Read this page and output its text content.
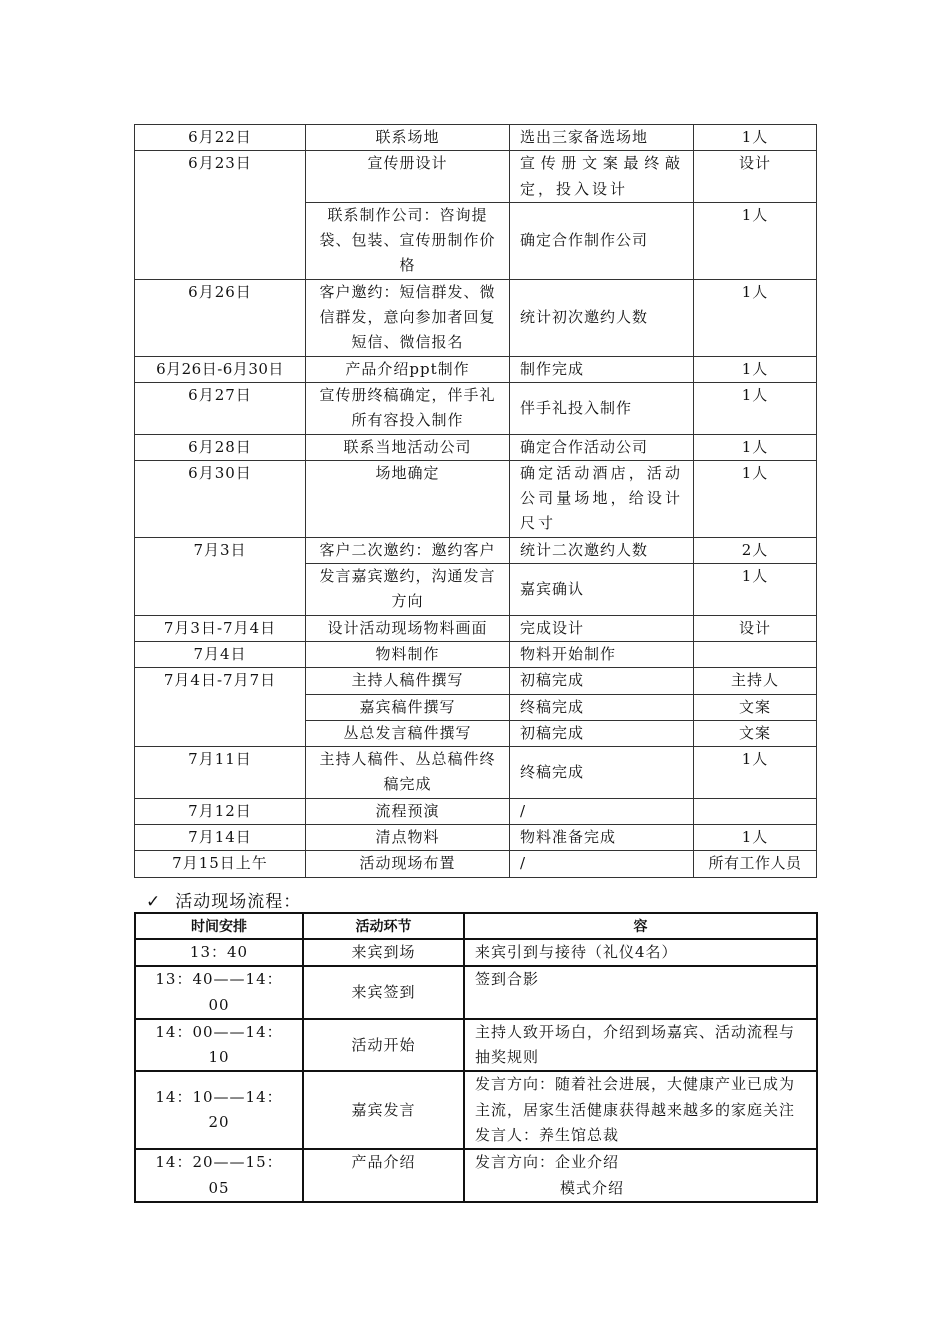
6月22日	联系场地	选出三家备选场地	1人
6月23日	宣传册设计	宣传册文案最终敲定，投入设计	设计
	联系制作公司：咨询提袋、包装、宣传册制作价格	确定合作制作公司	1人
6月26日	客户邀约：短信群发、微信群发，意向参加者回复短信、微信报名	统计初次邀约人数	1人
6月26日-6月30日	产品介绍ppt制作	制作完成	1人
6月27日	宣传册终稿确定，伴手礼所有容投入制作	伴手礼投入制作	1人
6月28日	联系当地活动公司	确定合作活动公司	1人
6月30日	场地确定	确定活动酒店，活动公司量场地，给设计尺寸	1人
7月3日	客户二次邀约：邀约客户	统计二次邀约人数	2人
	发言嘉宾邀约，沟通发言方向	嘉宾确认	1人
7月3日-7月4日	设计活动现场物料画面	完成设计	设计
7月4日	物料制作	物料开始制作	
7月4日-7月7日	主持人稿件撰写	初稿完成	主持人
	嘉宾稿件撰写	终稿完成	文案
	丛总发言稿件撰写	初稿完成	文案
7月11日	主持人稿件、丛总稿件终稿完成	终稿完成	1人
7月12日	流程预演	/	
7月14日	清点物料	物料准备完成	1人
7月15日上午	活动现场布置	/	所有工作人员
✓ 活动现场流程：
时间安排	活动环节	容
13：40	来宾到场	来宾引到与接待（礼仪4名）
13：40——14：00	来宾签到	签到合影
14：00——14：10	活动开始	主持人致开场白，介绍到场嘉宾、活动流程与抽奖规则
14：10——14：20	嘉宾发言	发言方向：随着社会进展，大健康产业已成为主流，居家生活健康获得越来越多的家庭关注
发言人：养生馆总裁

14：20——15：05	产品介绍	发言方向：企业介绍
模式介绍
